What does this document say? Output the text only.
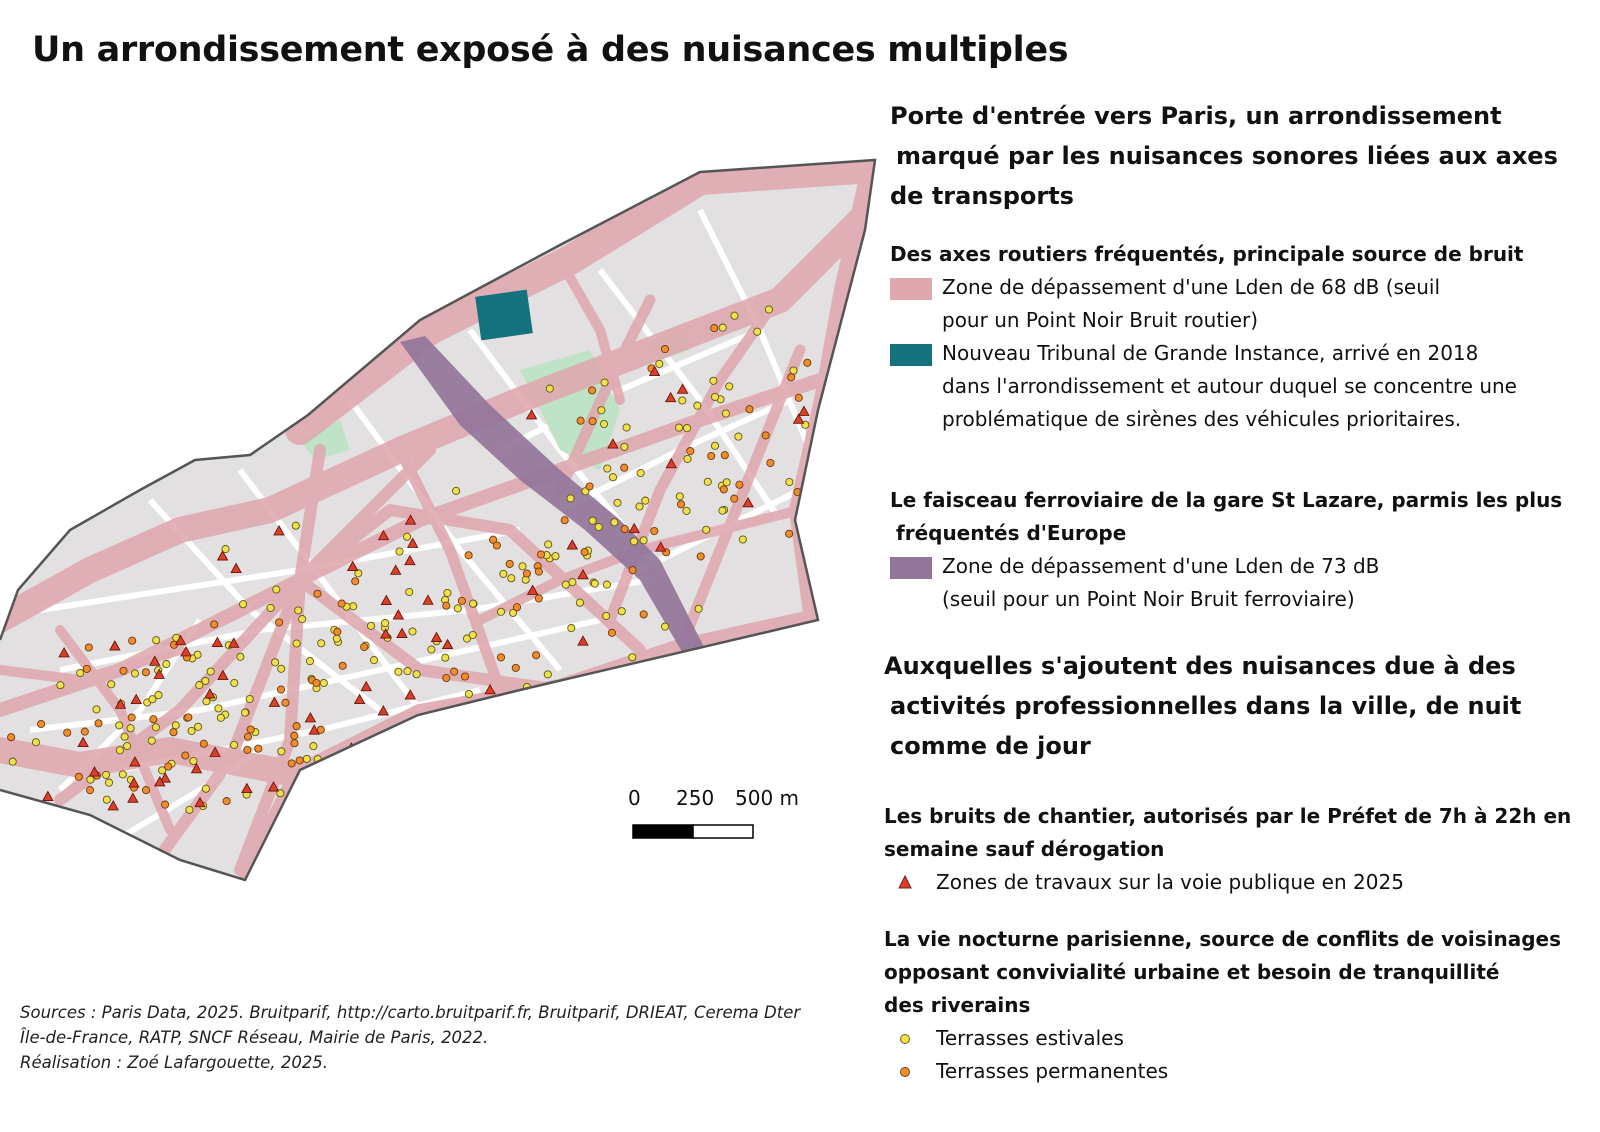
Un arrondissement exposé à des nuisances multiples
0 250 500 m
Porte d'entrée vers Paris, un arrondissement
marqué par les nuisances sonores liées aux axes
de transports
Des axes routiers fréquentés, principale source de bruit
Zone de dépassement d'une Lden de 68 dB (seuil
pour un Point Noir Bruit routier)
Nouveau Tribunal de Grande Instance, arrivé en 2018
dans l'arrondissement et autour duquel se concentre une
problématique de sirènes des véhicules prioritaires.
Le faisceau ferroviaire de la gare St Lazare, parmis les plus
fréquentés d'Europe
Zone de dépassement d'une Lden de 73 dB
(seuil pour un Point Noir Bruit ferroviaire)
Auxquelles s'ajoutent des nuisances due à des
activités professionnelles dans la ville, de nuit
comme de jour
Les bruits de chantier, autorisés par le Préfet de 7h à 22h en
semaine sauf dérogation
Zones de travaux sur la voie publique en 2025
La vie nocturne parisienne, source de conflits de voisinages
opposant convivialité urbaine et besoin de tranquillité
des riverains
Terrasses estivales
Terrasses permanentes
Sources : Paris Data, 2025. Bruitparif, http://carto.bruitparif.fr, Bruitparif, DRIEAT, Cerema Dter
Île-de-France, RATP, SNCF Réseau, Mairie de Paris, 2022.
Réalisation : Zoé Lafargouette, 2025.
